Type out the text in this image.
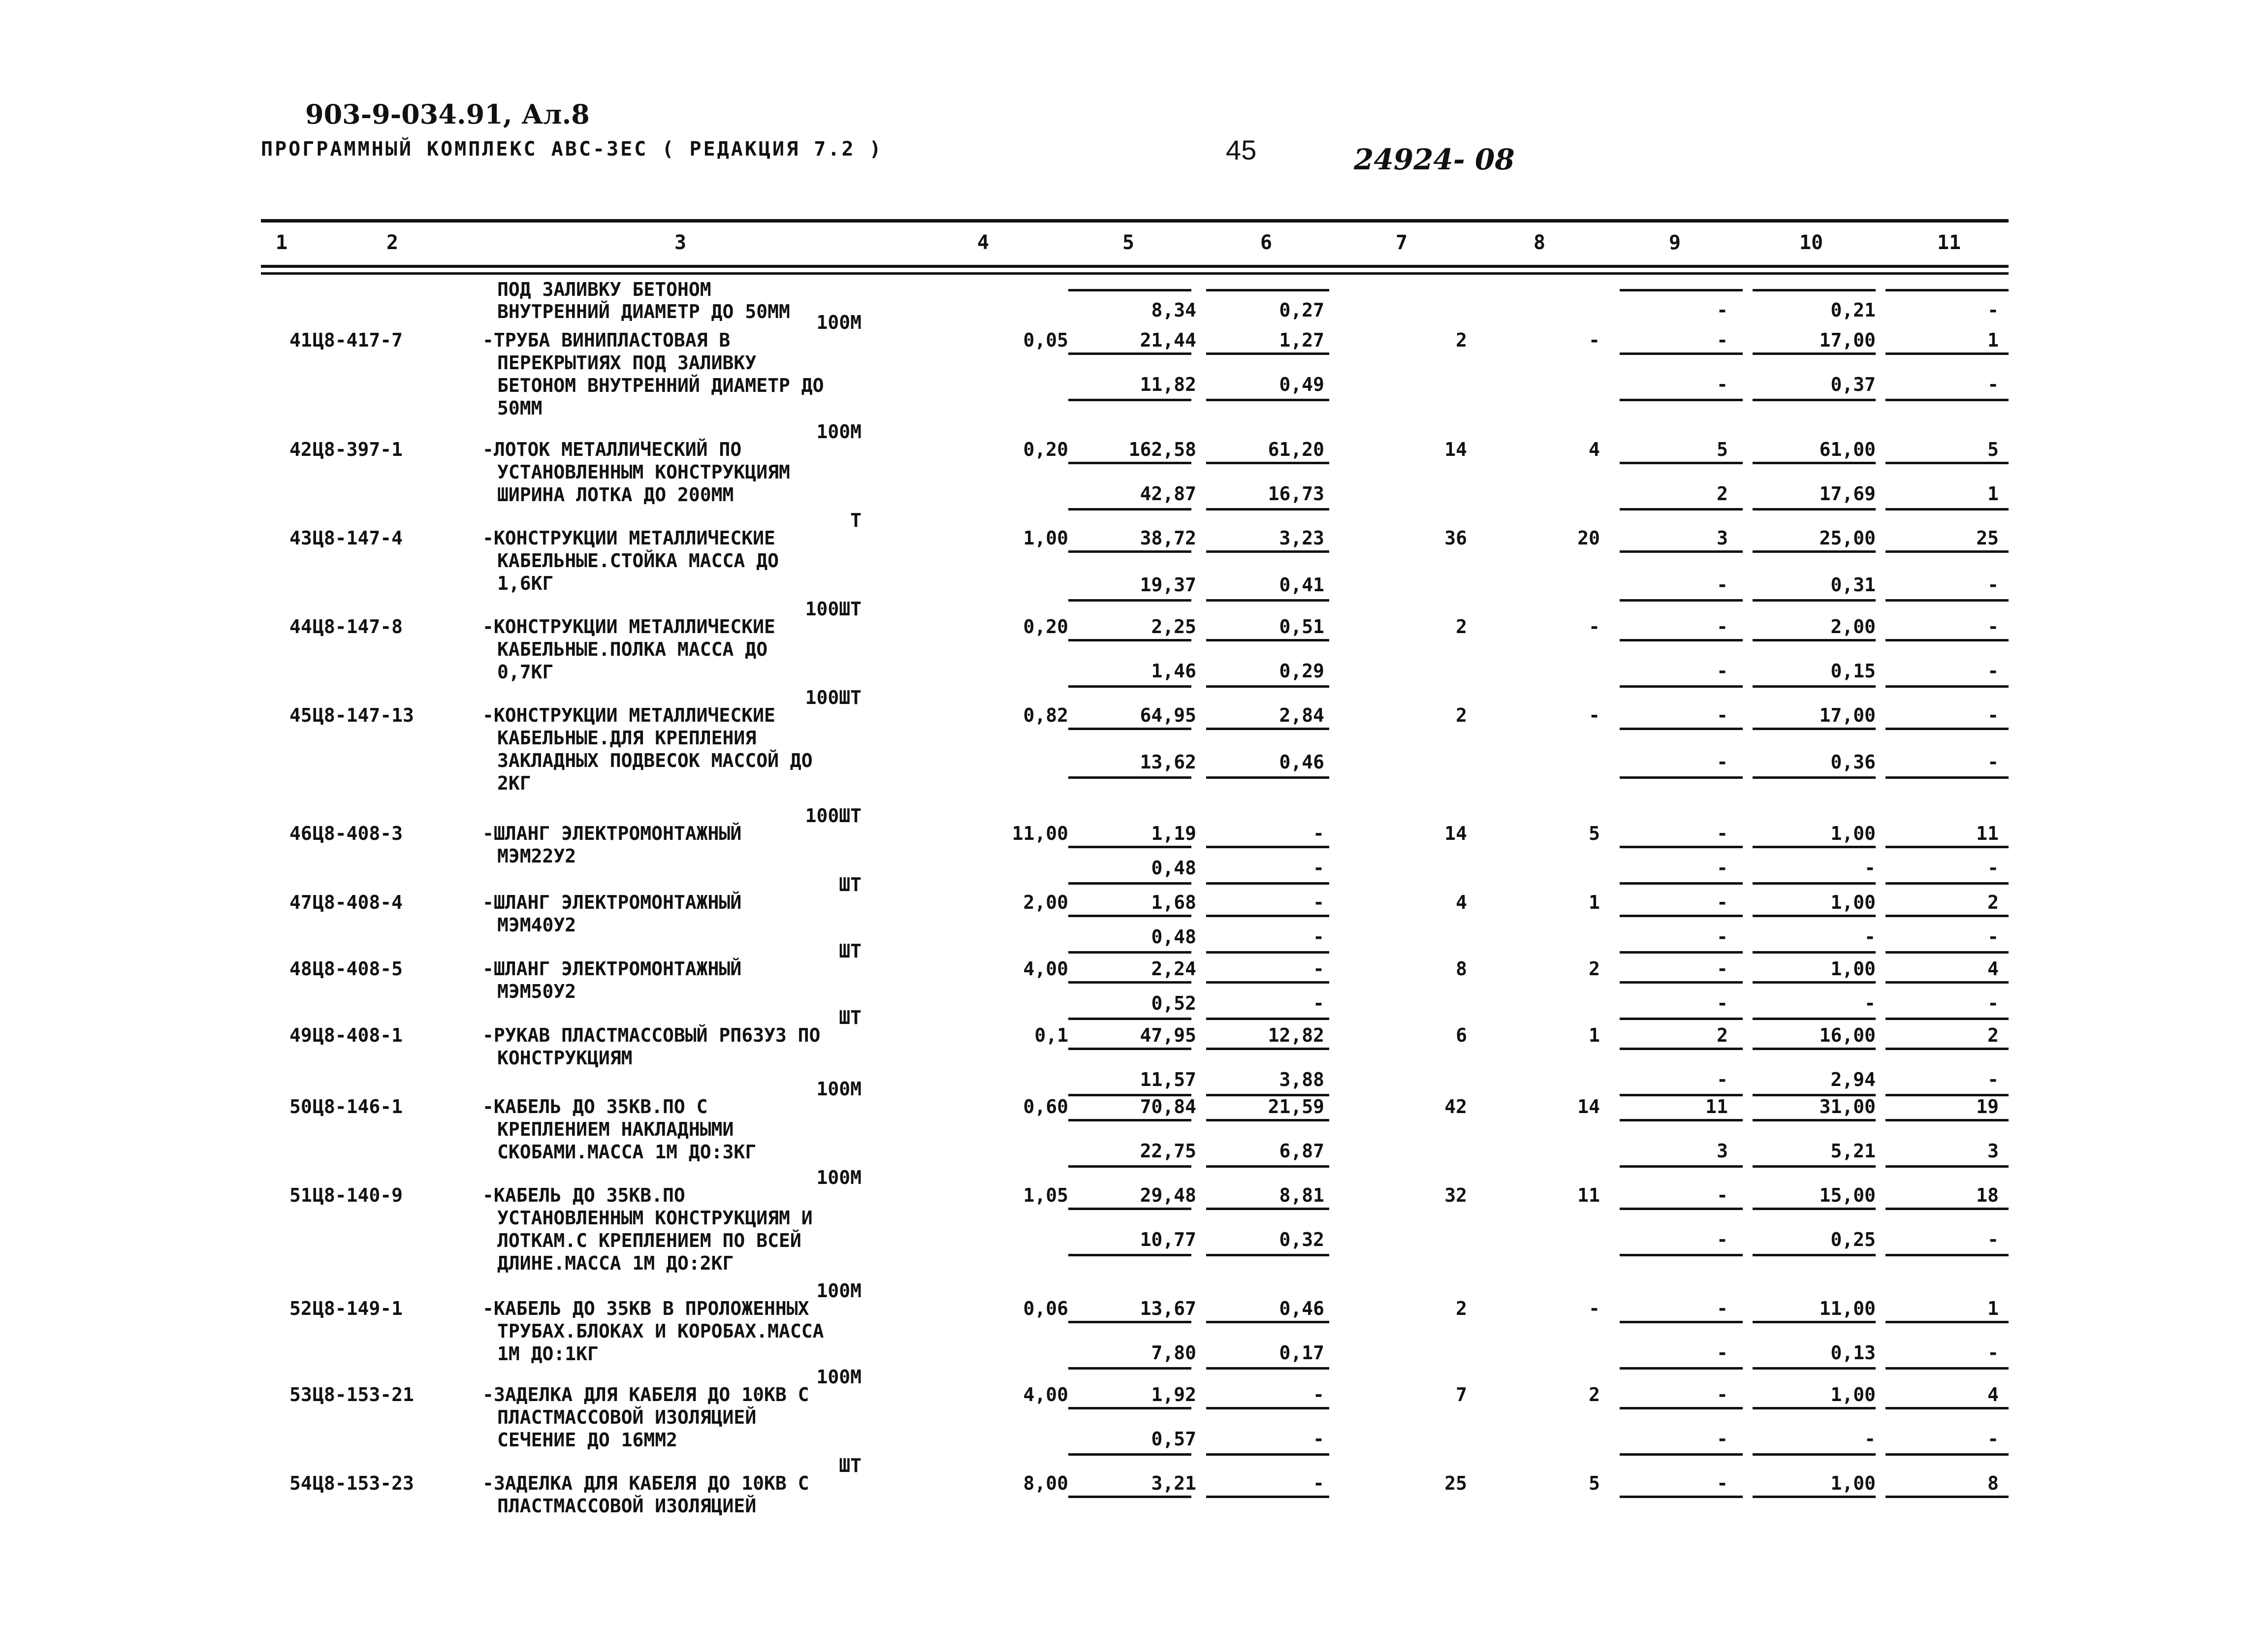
903-9-034.91, Ал.8
ПРОГРАММНЫЙ КОМПЛЕКС АВС-3ЕС ( РЕДАКЦИЯ 7.2 )	45	24924- 08
1	2	3	4	5	6	7	8	9	10	11
ПОД ЗАЛИВКУ БЕТОНОМ
ВНУТРЕННИЙ ДИАМЕТР ДО 50ММ	8,34	0,27	-	0,21	-
100М
41 Ц8-417-7	-ТРУБА ВИНИПЛАСТОВАЯ В
ПЕРЕКРЫТИЯХ ПОД ЗАЛИВКУ
БЕТОНОМ ВНУТРЕННИЙ ДИАМЕТР ДО
50ММ
0,05	21,44	1,27	2	-	-	17,00	1
11,82	0,49	-	0,37	-
100М
42 Ц8-397-1	-ЛОТОК МЕТАЛЛИЧЕСКИЙ ПО
УСТАНОВЛЕННЫМ КОНСТРУКЦИЯМ
ШИРИНА ЛОТКА ДО 200ММ
0,20	162,58	61,20	14	4	5	61,00	5
42,87	16,73	2	17,69	1
Т
43 Ц8-147-4	-КОНСТРУКЦИИ МЕТАЛЛИЧЕСКИЕ
КАБЕЛЬНЫЕ.СТОЙКА МАССА ДО
1,6КГ
1,00	38,72	3,23	36	20	3	25,00	25
19,37	0,41	-	0,31	-
100ШТ
44 Ц8-147-8	-КОНСТРУКЦИИ МЕТАЛЛИЧЕСКИЕ
КАБЕЛЬНЫЕ.ПОЛКА МАССА ДО
0,7КГ
0,20	2,25	0,51	2	-	-	2,00	-
1,46	0,29	-	0,15	-
100ШТ
45 Ц8-147-13	-КОНСТРУКЦИИ МЕТАЛЛИЧЕСКИЕ
КАБЕЛЬНЫЕ.ДЛЯ КРЕПЛЕНИЯ
ЗАКЛАДНЫХ ПОДВЕСОК МАССОЙ ДО
2КГ
0,82	64,95	2,84	2	-	-	17,00	-
13,62	0,46	-	0,36	-
100ШТ
46 Ц8-408-3	-ШЛАНГ ЭЛЕКТРОМОНТАЖНЫЙ
МЭМ22У2
11,00	1,19	-	14	5	-	1,00	11
0,48	-	-	-	-
ШТ
47 Ц8-408-4	-ШЛАНГ ЭЛЕКТРОМОНТАЖНЫЙ
МЭМ40У2
2,00	1,68	-	4	1	-	1,00	2
0,48	-	-	-	-
ШТ
48 Ц8-408-5	-ШЛАНГ ЭЛЕКТРОМОНТАЖНЫЙ
МЭМ50У2
4,00	2,24	-	8	2	-	1,00	4
0,52	-	-	-	-
ШТ
49 Ц8-408-1	-РУКАВ ПЛАСТМАССОВЫЙ РП63УЗ ПО
КОНСТРУКЦИЯМ
0,1	47,95	12,82	6	1	2	16,00	2
11,57	3,88	-	2,94	-
100М
50 Ц8-146-1	-КАБЕЛЬ ДО 35КВ.ПО С
КРЕПЛЕНИЕМ НАКЛАДНЫМИ
СКОБАМИ.МАССА 1М ДО:3КГ
0,60	70,84	21,59	42	14	11	31,00	19
22,75	6,87	3	5,21	3
100М
51 Ц8-140-9	-КАБЕЛЬ ДО 35КВ.ПО
УСТАНОВЛЕННЫМ КОНСТРУКЦИЯМ И
ЛОТКАМ.С КРЕПЛЕНИЕМ ПО ВСЕЙ
ДЛИНЕ.МАССА 1М ДО:2КГ
1,05	29,48	8,81	32	11	-	15,00	18
10,77	0,32	-	0,25	-
100М
52 Ц8-149-1	-КАБЕЛЬ ДО 35КВ В ПРОЛОЖЕННЫХ
ТРУБАХ.БЛОКАХ И КОРОБАХ.МАССА
1М ДО:1КГ
0,06	13,67	0,46	2	-	-	11,00	1
7,80	0,17	-	0,13	-
100М
53 Ц8-153-21	-ЗАДЕЛКА ДЛЯ КАБЕЛЯ ДО 10КВ С
ПЛАСТМАССОВОЙ ИЗОЛЯЦИЕЙ
СЕЧЕНИЕ ДО 16ММ2
4,00	1,92	-	7	2	-	1,00	4
0,57	-	-	-	-
ШТ
54 Ц8-153-23	-ЗАДЕЛКА ДЛЯ КАБЕЛЯ ДО 10КВ С
ПЛАСТМАССОВОЙ ИЗОЛЯЦИЕЙ
8,00	3,21	-	25	5	-	1,00	8
